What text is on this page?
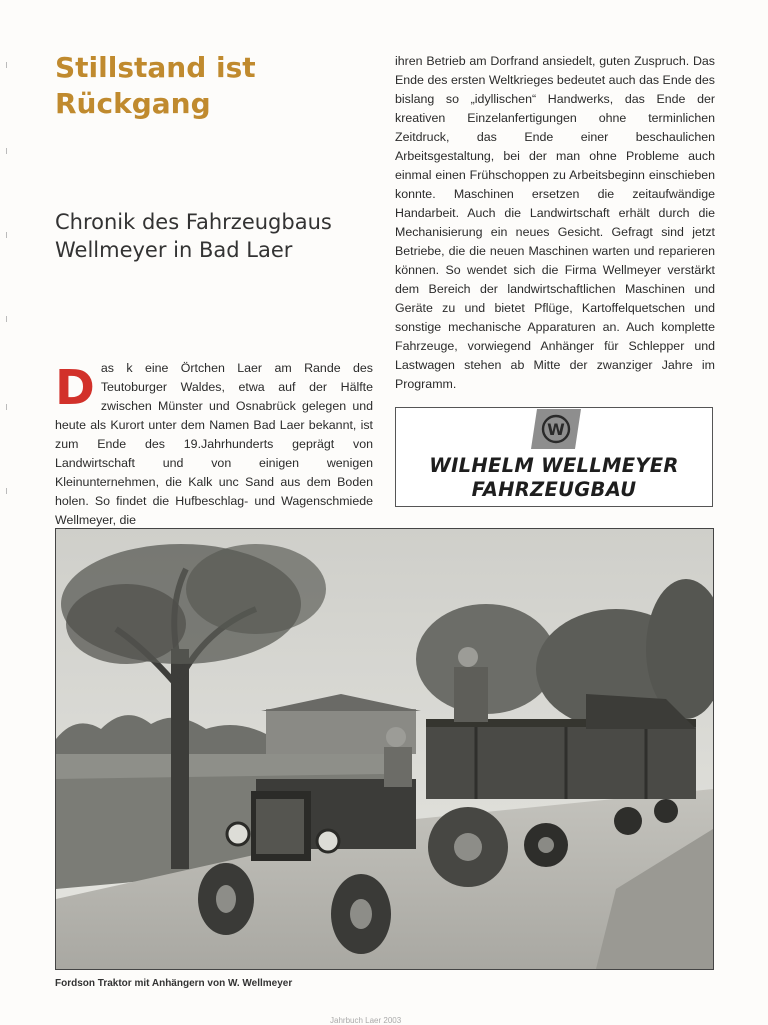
Stillstand ist Rückgang
Chronik des Fahrzeugbaus Wellmeyer in Bad Laer

Das k eine Örtchen Laer am Rande des Teutoburger Waldes, etwa auf der Hälfte zwischen Münster und Osnabrück gelegen und heute als Kurort unter dem Namen Bad Laer bekannt, ist zum Ende des 19.Jahrhunderts geprägt von Landwirtschaft und von einigen wenigen Kleinunternehmen, die Kalk unc Sand aus dem Boden holen. So findet die Hufbeschlag- und Wagenschmiede Wellmeyer, die

ihren Betrieb am Dorfrand ansiedelt, guten Zuspruch. Das Ende des ersten Weltkrieges bedeutet auch das Ende des bislang so „idyllischen“ Handwerks, das Ende der kreativen Einzelanfertigungen ohne terminlichen Zeitdruck, das Ende einer beschaulichen Arbeitsgestaltung, bei der man ohne Probleme auch einmal einen Frühschoppen zu Arbeitsbeginn einschieben konnte. Maschinen ersetzen die zeitaufwändige Handarbeit. Auch die Landwirtschaft erhält durch die Mechanisierung ein neues Gesicht. Gefragt sind jetzt Betriebe, die die neuen Maschinen warten und reparieren können. So wendet sich die Firma Wellmeyer verstärkt dem Bereich der landwirtschaftlichen Maschinen und Geräte zu und bietet Pflüge, Kartoffelquetschen und sonstige mechanische Apparaturen an. Auch komplette Fahrzeuge, vorwiegend Anhänger für Schlepper und Lastwagen stehen ab Mitte der zwanziger Jahre im Programm.

W
WILHELM WELLMEYER
FAHRZEUGBAU
Fordson Traktor mit Anhängern von W. Wellmeyer
Jahrbuch Laer 2003
